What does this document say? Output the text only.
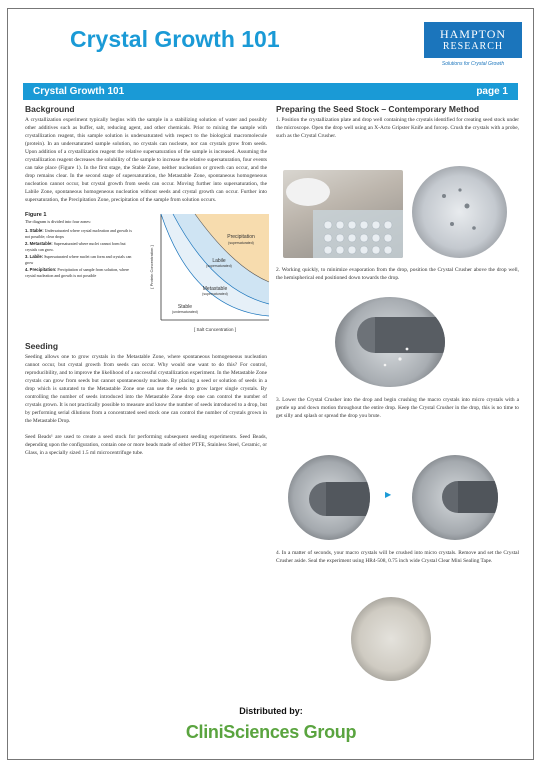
Crystal Growth 101	HAMPTON
RESEARCH
Solutions for Crystal Growth
Crystal Growth 101	page 1
Background

A crystallization experiment typically begins with the sample in a stabilizing solution of water and possibly other additives such as buffer, salt, reducing agent, and other chemicals. Prior to mixing the sample with crystallization reagent, this sample solution is undersaturated with respect to the biological macromolecule (protein). In an undersaturated sample solution, no crystals can nucleate, nor can crystals grow from seeds. Upon addition of a crystallization reagent the relative supersaturation of the sample is increased. Assuming the crystallization reagent decreases the solubility of the sample to increase the relative supersaturation, four events can take place (Figure 1). In the first stage, the Stable Zone, neither nucleation or growth can occur, and the drop remains clear. In the second stage of supersaturation, the Metastable Zone, spontaneous homogeneous nucleation cannot occur, but crystal growth from seeds can occur. Moving further into supersaturation, the Labile Zone, spontaneous homogeneous nucleation without seeds and crystal growth can occur. Further into supersaturation, the Precipitation Zone, precipitation of the sample from solution occurs.

Figure 1
The diagram is divided into four zones:
1. Stable: Undersaturated where crystal nucleation and growth is not possible; clear drops
2. Metastable: Supersaturated where nuclei cannot form but crystals can grow.
3. Labile: Supersaturated where nuclei can form and crystals can grow
4. Precipitation: Precipitation of sample from solution, where crystal nucleation and growth is not possible
Precipitation
(supersaturated)
Labile
(supersaturated)
Metastable
(supersaturated)
Stable
(undersaturated)
[ Protein Concentration ]
[ Salt Concentration ]
Seeding

Seeding allows one to grow crystals in the Metastable Zone, where spontaneous homogeneous nucleation cannot occur, but crystal growth from seeds can occur. Why would one want to do this? For control, reproducibility, and to improve the likelihood of a successful crystallization experiment. In the Metastable Zone crystals can grow from seeds but cannot spontaneously nucleate. By placing a seed or solution of seeds in a drop which is saturated to the Metastable Zone one can use the seeds to grow larger single crystals. By controlling the number of seeds introduced into the Metastable Zone drop one can control the number of crystals grown. It is not practically possible to measure and know the number of seeds introduced to a drop, but by performing serial dilutions from a concentrated seed stock one can control the number of crystals grown in the Metastable Drop.

Seed Beads¹ are used to create a seed stock for performing subsequent seeding experiments. Seed Beads, depending upon the configuration, contain one or more beads made of either PTFE, Stainless Steel, Ceramic, or Glass, in a specially sized 1.5 ml microcentrifuge tube.

Preparing the Seed Stock – Contemporary Method

1. Position the crystallization plate and drop well containing the crystals identified for creating seed stock under the microscope. Open the drop well using an X-Acto Gripster Knife and forcep. Crush the crystals with a probe, such as the Crystal Crusher.

2. Working quickly, to minimize evaporation from the drop, position the Crystal Crusher above the drop well, the hemispherical end positioned down towards the drop.

3. Lower the Crystal Crusher into the drop and begin crushing the macro crystals into micro crystals with a gentle up and down motion throughout the entire drop. Keep the Crystal Crusher in the drop, this is no time to get silly and splash or spread the drop you brute.

▶

4. In a matter of seconds, your macro crystals will be crushed into micro crystals. Remove and set the Crystal Crusher aside. Seal the experiment using HR4-508, 0.75 inch wide Crystal Clear Mini Sealing Tape.

Distributed by:
CliniSciences Group
